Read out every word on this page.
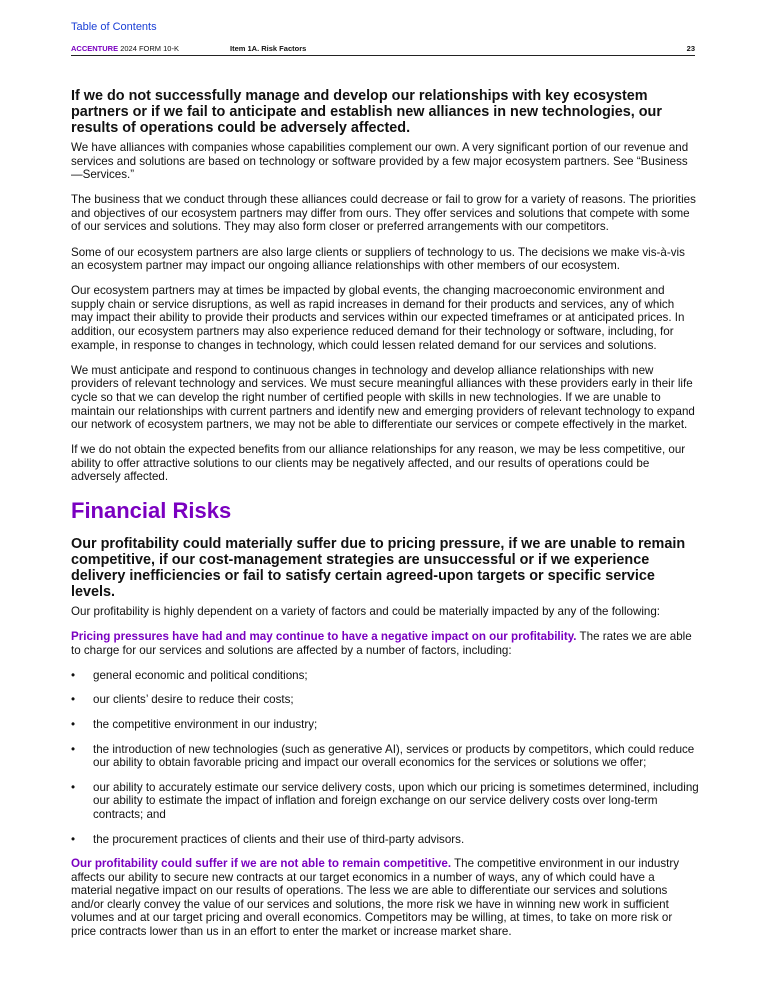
Table of Contents
ACCENTURE 2024 FORM 10-K	Item 1A. Risk Factors	23
If we do not successfully manage and develop our relationships with key ecosystem partners or if we fail to anticipate and establish new alliances in new technologies, our results of operations could be adversely affected.

We have alliances with companies whose capabilities complement our own. A very significant portion of our revenue and services and solutions are based on technology or software provided by a few major ecosystem partners. See “Business—Services.”

The business that we conduct through these alliances could decrease or fail to grow for a variety of reasons. The priorities and objectives of our ecosystem partners may differ from ours. They offer services and solutions that compete with some of our services and solutions. They may also form closer or preferred arrangements with our competitors.

Some of our ecosystem partners are also large clients or suppliers of technology to us. The decisions we make vis-à-vis an ecosystem partner may impact our ongoing alliance relationships with other members of our ecosystem.

Our ecosystem partners may at times be impacted by global events, the changing macroeconomic environment and supply chain or service disruptions, as well as rapid increases in demand for their products and services, any of which may impact their ability to provide their products and services within our expected timeframes or at anticipated prices. In addition, our ecosystem partners may also experience reduced demand for their technology or software, including, for example, in response to changes in technology, which could lessen related demand for our services and solutions.

We must anticipate and respond to continuous changes in technology and develop alliance relationships with new providers of relevant technology and services. We must secure meaningful alliances with these providers early in their life cycle so that we can develop the right number of certified people with skills in new technologies. If we are unable to maintain our relationships with current partners and identify new and emerging providers of relevant technology to expand our network of ecosystem partners, we may not be able to differentiate our services or compete effectively in the market.

If we do not obtain the expected benefits from our alliance relationships for any reason, we may be less competitive, our ability to offer attractive solutions to our clients may be negatively affected, and our results of operations could be adversely affected.

Financial Risks
Our profitability could materially suffer due to pricing pressure, if we are unable to remain competitive, if our cost-management strategies are unsuccessful or if we experience delivery inefficiencies or fail to satisfy certain agreed-upon targets or specific service levels.

Our profitability is highly dependent on a variety of factors and could be materially impacted by any of the following:

Pricing pressures have had and may continue to have a negative impact on our profitability. The rates we are able to charge for our services and solutions are affected by a number of factors, including:

• general economic and political conditions;
• our clients’ desire to reduce their costs;
• the competitive environment in our industry;
• the introduction of new technologies (such as generative AI), services or products by competitors, which could reduce our ability to obtain favorable pricing and impact our overall economics for the services or solutions we offer;
• our ability to accurately estimate our service delivery costs, upon which our pricing is sometimes determined, including our ability to estimate the impact of inflation and foreign exchange on our service delivery costs over long-term contracts; and
• the procurement practices of clients and their use of third-party advisors.

Our profitability could suffer if we are not able to remain competitive. The competitive environment in our industry affects our ability to secure new contracts at our target economics in a number of ways, any of which could have a material negative impact on our results of operations. The less we are able to differentiate our services and solutions and/or clearly convey the value of our services and solutions, the more risk we have in winning new work in sufficient volumes and at our target pricing and overall economics. Competitors may be willing, at times, to take on more risk or price contracts lower than us in an effort to enter the market or increase market share.
